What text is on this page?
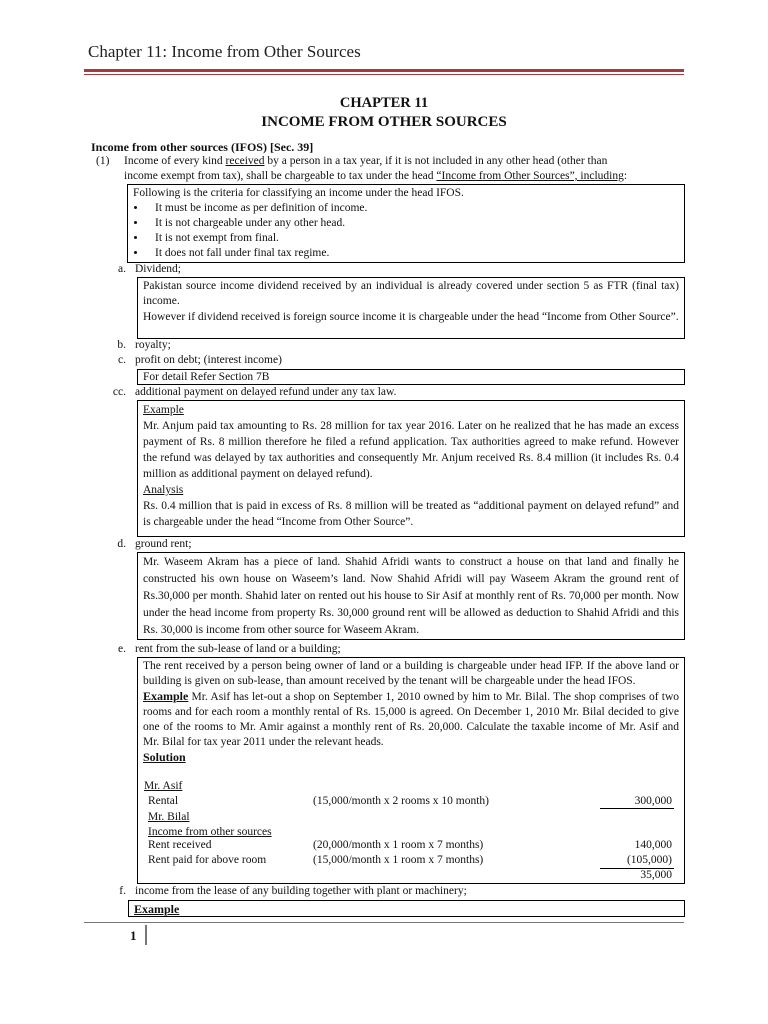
Chapter 11: Income from Other Sources
CHAPTER 11
INCOME FROM OTHER SOURCES
Income from other sources (IFOS) [Sec. 39]
(1) Income of every kind received by a person in a tax year, if it is not included in any other head (other than
income exempt from tax), shall be chargeable to tax under the head “Income from Other Sources”, including:
Following is the criteria for classifying an income under the head IFOS.
• It must be income as per definition of income.
• It is not chargeable under any other head.
• It is not exempt from final.
• It does not fall under final tax regime.
a. Dividend;
Pakistan source income dividend received by an individual is already covered under section 5 as FTR (final tax) income.
However if dividend received is foreign source income it is chargeable under the head “Income from Other Source”.
b. royalty;
c. profit on debt; (interest income)
For detail Refer Section 7B
cc. additional payment on delayed refund under any tax law.
Example
Mr. Anjum paid tax amounting to Rs. 28 million for tax year 2016. Later on he realized that he has made an excess payment of Rs. 8 million therefore he filed a refund application. Tax authorities agreed to make refund. However the refund was delayed by tax authorities and consequently Mr. Anjum received Rs. 8.4 million (it includes Rs. 0.4 million as additional payment on delayed refund).
Analysis
Rs. 0.4 million that is paid in excess of Rs. 8 million will be treated as “additional payment on delayed refund” and is chargeable under the head “Income from Other Source”.
d. ground rent;
Mr. Waseem Akram has a piece of land. Shahid Afridi wants to construct a house on that land and finally he constructed his own house on Waseem’s land. Now Shahid Afridi will pay Waseem Akram the ground rent of Rs.30,000 per month. Shahid later on rented out his house to Sir Asif at monthly rent of Rs. 70,000 per month. Now under the head income from property Rs. 30,000 ground rent will be allowed as deduction to Shahid Afridi and this Rs. 30,000 is income from other source for Waseem Akram.
e. rent from the sub-lease of land or a building;
The rent received by a person being owner of land or a building is chargeable under head IFP. If the above land or building is given on sub-lease, than amount received by the tenant will be chargeable under the head IFOS.
Example Mr. Asif has let-out a shop on September 1, 2010 owned by him to Mr. Bilal. The shop comprises of two rooms and for each room a monthly rental of Rs. 15,000 is agreed. On December 1, 2010 Mr. Bilal decided to give one of the rooms to Mr. Amir against a monthly rent of Rs. 20,000. Calculate the taxable income of Mr. Asif and Mr. Bilal for tax year 2011 under the relevant heads.
Solution
Mr. Asif
Rental	(15,000/month x 2 rooms x 10 month)	300,000
Mr. Bilal
Income from other sources
Rent received	(20,000/month x 1 room x 7 months)	140,000
Rent paid for above room	(15,000/month x 1 room x 7 months)	(105,000)
35,000
f. income from the lease of any building together with plant or machinery;
Example
1
